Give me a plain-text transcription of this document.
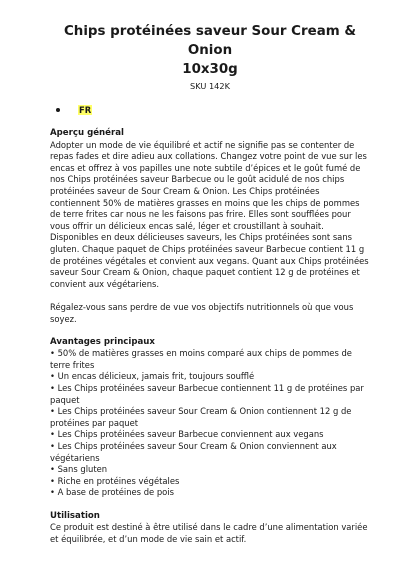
Chips protéinées saveur Sour Cream & Onion
10x30g

SKU 142K

FR
Aperçu général

Adopter un mode de vie équilibré et actif ne signifie pas se contenter de repas fades et dire adieu aux collations. Changez votre point de vue sur les encas et offrez à vos papilles une note subtile d’épices et le goût fumé de nos Chips protéinées saveur Barbecue ou le goût acidulé de nos chips protéinées saveur de Sour Cream & Onion. Les Chips protéinées contiennent 50% de matières grasses en moins que les chips de pommes de terre frites car nous ne les faisons pas frire. Elles sont soufflées pour vous offrir un délicieux encas salé, léger et croustillant à souhait. Disponibles en deux délicieuses saveurs, les Chips protéinées sont sans gluten. Chaque paquet de Chips protéinées saveur Barbecue contient 11 g de protéines végétales et convient aux vegans. Quant aux Chips protéinées saveur Sour Cream & Onion, chaque paquet contient 12 g de protéines et convient aux végétariens.

Régalez-vous sans perdre de vue vos objectifs nutritionnels où que vous soyez.

Avantages principaux
• 50% de matières grasses en moins comparé aux chips de pommes de terre frites
• Un encas délicieux, jamais frit, toujours soufflé
• Les Chips protéinées saveur Barbecue contiennent 11 g de protéines par paquet
• Les Chips protéinées saveur Sour Cream & Onion contiennent 12 g de protéines par paquet
• Les Chips protéinées saveur Barbecue conviennent aux vegans
• Les Chips protéinées saveur Sour Cream & Onion conviennent aux végétariens
• Sans gluten
• Riche en protéines végétales
• A base de protéines de pois
Utilisation

Ce produit est destiné à être utilisé dans le cadre d’une alimentation variée et équilibrée, et d’un mode de vie sain et actif.
